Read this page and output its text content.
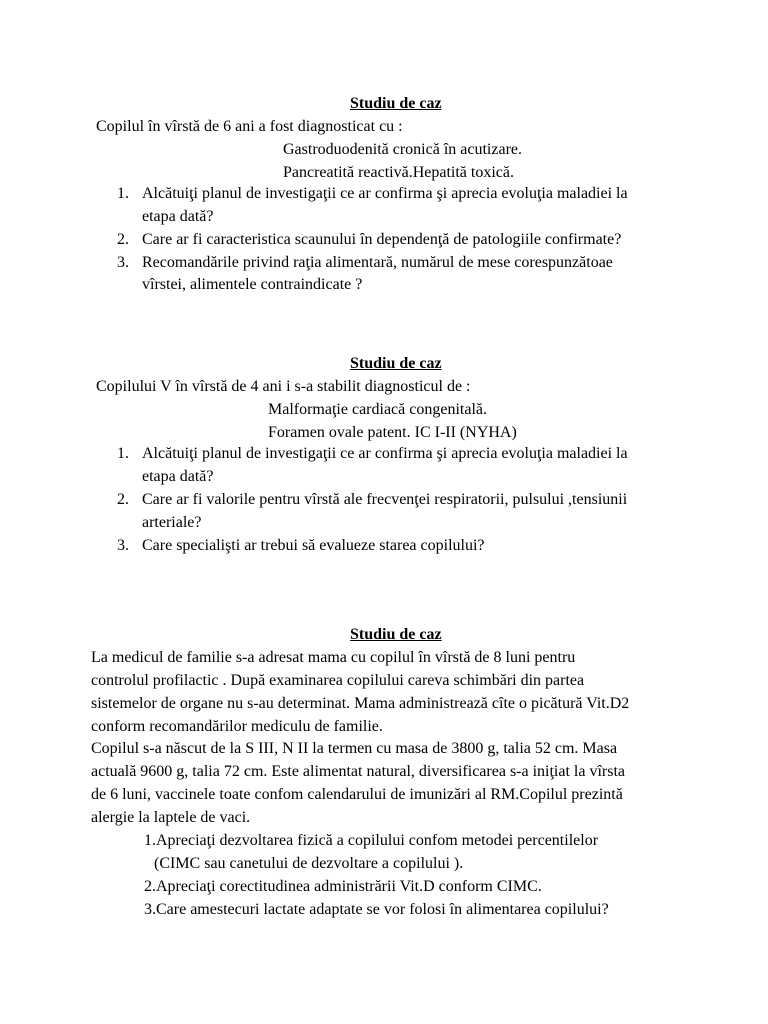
Studiu de caz
Copilul în vîrstă de 6 ani a fost diagnosticat cu :
Gastroduodenită cronică în acutizare.
Pancreatită reactivă.Hepatită toxică.
1. Alcătuiţi planul de investigaţii ce ar confirma şi aprecia evoluţia maladiei la
etapa dată?
2. Care ar fi caracteristica scaunului în dependenţă de patologiile confirmate?
3. Recomandările privind raţia alimentară, numărul de mese corespunzătoae
vîrstei, alimentele contraindicate ?
Studiu de caz
Copilului V în vîrstă de 4 ani i s-a stabilit diagnosticul de :
Malformaţie cardiacă congenitală.
Foramen ovale patent. IC I-II (NYHA)
1. Alcătuiţi planul de investigaţii ce ar confirma şi aprecia evoluţia maladiei la
etapa dată?
2. Care ar fi valorile pentru vîrstă ale frecvenţei respiratorii, pulsului ,tensiunii
arteriale?
3. Care specialişti ar trebui să evalueze starea copilului?
Studiu de caz
La medicul de familie s-a adresat mama cu copilul în vîrstă de 8 luni pentru
controlul profilactic . După examinarea copilului careva schimbări din partea
sistemelor de organe nu s-au determinat. Mama administrează cîte o picătură Vit.D2
conform recomandărilor mediculu de familie.
Copilul s-a născut de la S III, N II la termen cu masa de 3800 g, talia 52 cm. Masa
actuală 9600 g, talia 72 cm. Este alimentat natural, diversificarea s-a iniţiat la vîrsta
de 6 luni, vaccinele toate confom calendarului de imunizări al RM.Copilul prezintă
alergie la laptele de vaci.
1.Apreciaţi dezvoltarea fizică a copilului confom metodei percentilelor
(CIMC sau canetului de dezvoltare a copilului ).
2.Apreciaţi corectitudinea administrării Vit.D conform CIMC.
3.Care amestecuri lactate adaptate se vor folosi în alimentarea copilului?
